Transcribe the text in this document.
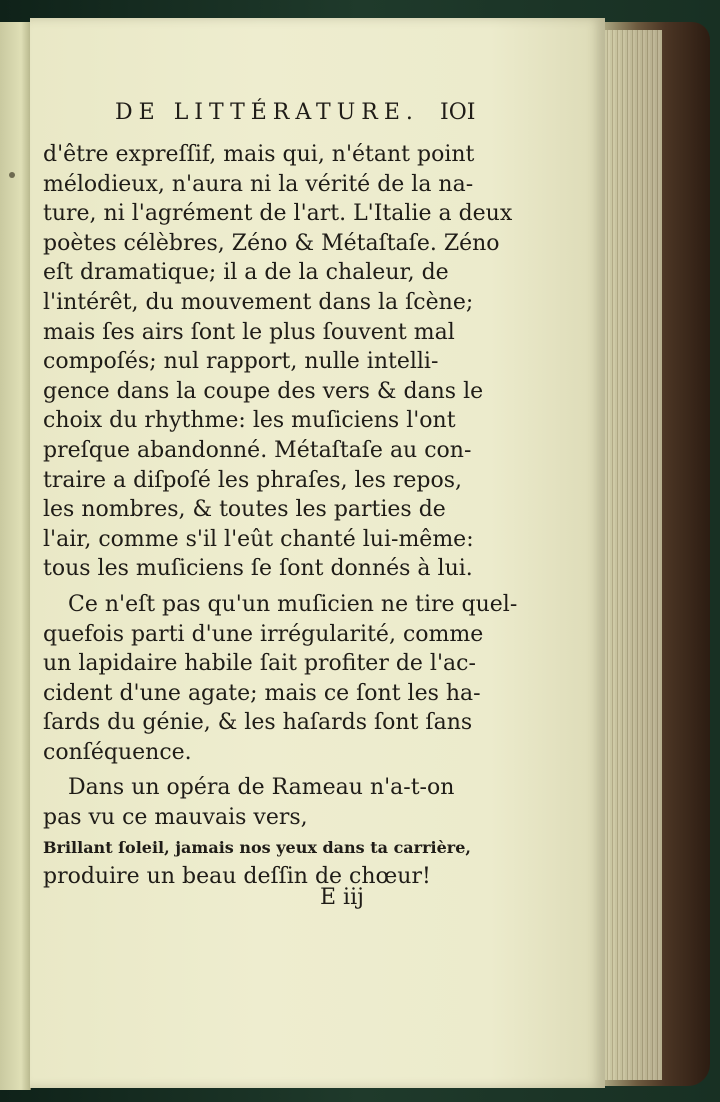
DE LITTÉRATURE. IOI
d'être expreſſif, mais qui, n'étant point
mélodieux, n'aura ni la vérité de la na-
ture, ni l'agrément de l'art. L'Italie a deux
poètes célèbres, Zéno & Métaſtaſe. Zéno
eſt dramatique; il a de la chaleur, de
l'intérêt, du mouvement dans la ſcène;
mais ſes airs ſont le plus ſouvent mal
compoſés; nul rapport, nulle intelli-
gence dans la coupe des vers & dans le
choix du rhythme: les muſiciens l'ont
preſque abandonné. Métaſtaſe au con-
traire a diſpoſé les phraſes, les repos,
les nombres, & toutes les parties de
l'air, comme s'il l'eût chanté lui-même:
tous les muſiciens ſe ſont donnés à lui.
Ce n'eſt pas qu'un muſicien ne tire quel-
quefois parti d'une irrégularité, comme
un lapidaire habile ſait profiter de l'ac-
cident d'une agate; mais ce ſont les ha-
ſards du génie, & les haſards ſont ſans
conſéquence.
Dans un opéra de Rameau n'a-t-on
pas vu ce mauvais vers,
Brillant ſoleil, jamais nos yeux dans ta carrière,
produire un beau deſſin de chœur!
E iij
